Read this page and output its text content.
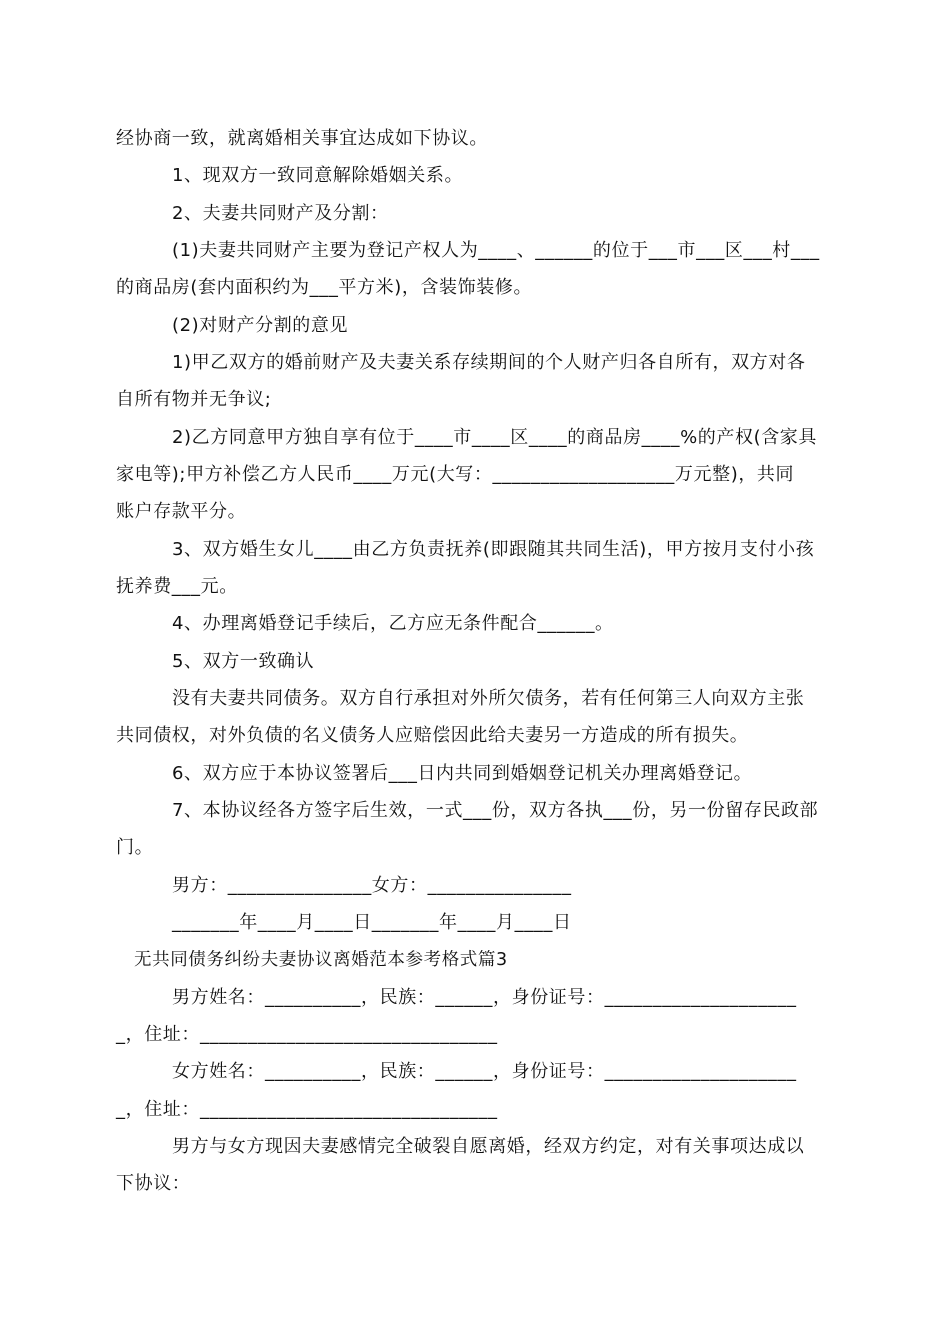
经协商一致，就离婚相关事宜达成如下协议。
1、现双方一致同意解除婚姻关系。
2、夫妻共同财产及分割：
(1)夫妻共同财产主要为登记产权人为____、______的位于___市___区___村___
的商品房(套内面积约为___平方米)，含装饰装修。
(2)对财产分割的意见
1)甲乙双方的婚前财产及夫妻关系存续期间的个人财产归各自所有，双方对各
自所有物并无争议;
2)乙方同意甲方独自享有位于____市____区____的商品房____%的产权(含家具
家电等);甲方补偿乙方人民币____万元(大写：___________________万元整)，共同
账户存款平分。
3、双方婚生女儿____由乙方负责抚养(即跟随其共同生活)，甲方按月支付小孩
抚养费___元。
4、办理离婚登记手续后，乙方应无条件配合______。
5、双方一致确认
没有夫妻共同债务。双方自行承担对外所欠债务，若有任何第三人向双方主张
共同债权，对外负债的名义债务人应赔偿因此给夫妻另一方造成的所有损失。
6、双方应于本协议签署后___日内共同到婚姻登记机关办理离婚登记。
7、本协议经各方签字后生效，一式___份，双方各执___份，另一份留存民政部
门。
男方：_______________女方：_______________
_______年____月____日_______年____月____日
无共同债务纠纷夫妻协议离婚范本参考格式篇3
男方姓名：__________，民族：______，身份证号：____________________
_，住址：_______________________________
女方姓名：__________，民族：______，身份证号：____________________
_，住址：_______________________________
男方与女方现因夫妻感情完全破裂自愿离婚，经双方约定，对有关事项达成以
下协议：
